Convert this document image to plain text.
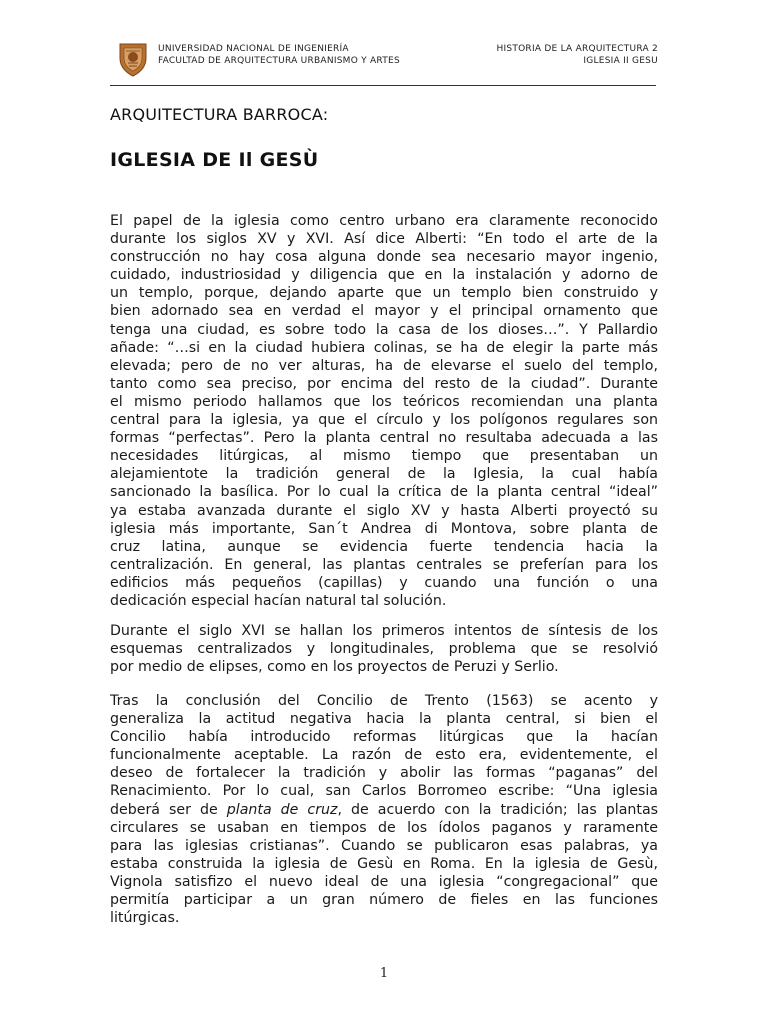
UNIVERSIDAD NACIONAL DE INGENIERÍA
FACULTAD DE ARQUITECTURA URBANISMO Y ARTES
HISTORIA DE LA ARQUITECTURA 2
IGLESIA II GESU
ARQUITECTURA BARROCA:
IGLESIA DE Il GESÙ
El papel de la iglesia como centro urbano era claramente reconocido
durante los siglos XV y XVI. Así dice Alberti: “En todo el arte de la
construcción no hay cosa alguna donde sea necesario mayor ingenio,
cuidado, industriosidad y diligencia que en la instalación y adorno de
un templo, porque, dejando aparte que un templo bien construido y
bien adornado sea en verdad el mayor y el principal ornamento que
tenga una ciudad, es sobre todo la casa de los dioses…”. Y Pallardio
añade: “…si en la ciudad hubiera colinas, se ha de elegir la parte más
elevada; pero de no ver alturas, ha de elevarse el suelo del templo,
tanto como sea preciso, por encima del resto de la ciudad”. Durante
el mismo periodo hallamos que los teóricos recomiendan una planta
central para la iglesia, ya que el círculo y los polígonos regulares son
formas “perfectas”. Pero la planta central no resultaba adecuada a las
necesidades litúrgicas, al mismo tiempo que presentaban un
alejamientote la tradición general de la Iglesia, la cual había
sancionado la basílica. Por lo cual la crítica de la planta central “ideal”
ya estaba avanzada durante el siglo XV y hasta Alberti proyectó su
iglesia más importante, San´t Andrea di Montova, sobre planta de
cruz latina, aunque se evidencia fuerte tendencia hacia la
centralización. En general, las plantas centrales se preferían para los
edificios más pequeños (capillas) y cuando una función o una
dedicación especial hacían natural tal solución.
Durante el siglo XVI se hallan los primeros intentos de síntesis de los
esquemas centralizados y longitudinales, problema que se resolvió
por medio de elipses, como en los proyectos de Peruzi y Serlio.
Tras la conclusión del Concilio de Trento (1563) se acento y
generaliza la actitud negativa hacia la planta central, si bien el
Concilio había introducido reformas litúrgicas que la hacían
funcionalmente aceptable. La razón de esto era, evidentemente, el
deseo de fortalecer la tradición y abolir las formas “paganas” del
Renacimiento. Por lo cual, san Carlos Borromeo escribe: “Una iglesia
deberá ser de planta de cruz, de acuerdo con la tradición; las plantas
circulares se usaban en tiempos de los ídolos paganos y raramente
para las iglesias cristianas”. Cuando se publicaron esas palabras, ya
estaba construida la iglesia de Gesù en Roma. En la iglesia de Gesù,
Vignola satisfizo el nuevo ideal de una iglesia “congregacional” que
permitía participar a un gran número de fieles en las funciones
litúrgicas.
1
